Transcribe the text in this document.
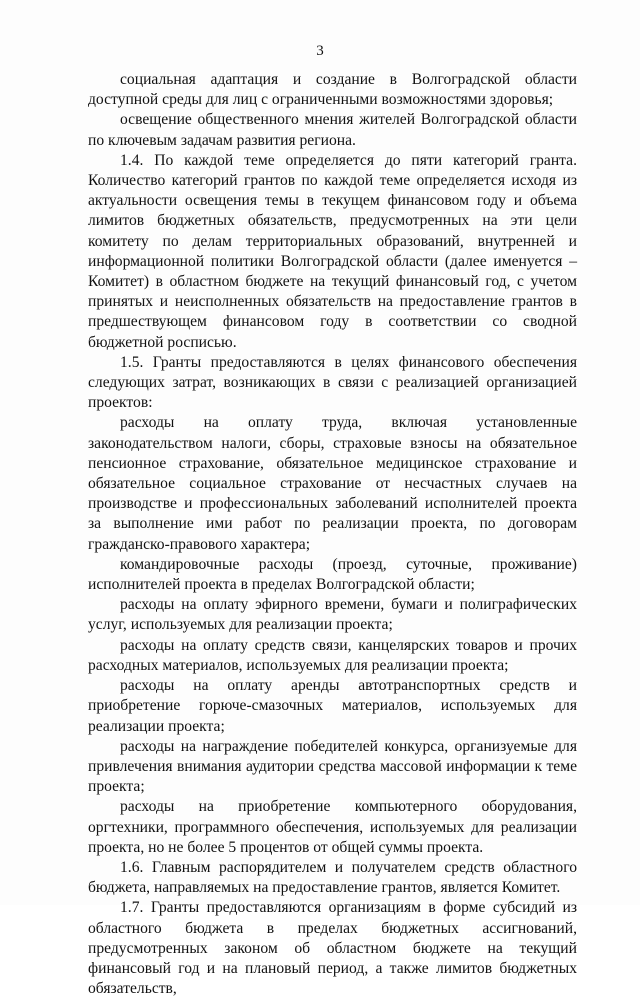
3

социальная адаптация и создание в Волгоградской области доступной среды для лиц с ограниченными возможностями здоровья;

освещение общественного мнения жителей Волгоградской области по ключевым задачам развития региона.

1.4. По каждой теме определяется до пяти категорий гранта. Количество категорий грантов по каждой теме определяется исходя из актуальности освещения темы в текущем финансовом году и объема лимитов бюджетных обязательств, предусмотренных на эти цели комитету по делам территориальных образований, внутренней и информационной политики Волгоградской области (далее именуется – Комитет) в областном бюджете на текущий финансовый год, с учетом принятых и неисполненных обязательств на предоставление грантов в предшествующем финансовом году в соответствии со сводной бюджетной росписью.

1.5. Гранты предоставляются в целях финансового обеспечения следующих затрат, возникающих в связи с реализацией организацией проектов:

расходы на оплату труда, включая установленные законодательством налоги, сборы, страховые взносы на обязательное пенсионное страхование, обязательное медицинское страхование и обязательное социальное страхование от несчастных случаев на производстве и профессиональных заболеваний исполнителей проекта за выполнение ими работ по реализации проекта, по договорам гражданско-правового характера;

командировочные расходы (проезд, суточные, проживание) исполнителей проекта в пределах Волгоградской области;

расходы на оплату эфирного времени, бумаги и полиграфических услуг, используемых для реализации проекта;

расходы на оплату средств связи, канцелярских товаров и прочих расходных материалов, используемых для реализации проекта;

расходы на оплату аренды автотранспортных средств и приобретение горюче-смазочных материалов, используемых для реализации проекта;

расходы на награждение победителей конкурса, организуемые для привлечения внимания аудитории средства массовой информации к теме проекта;

расходы на приобретение компьютерного оборудования, оргтехники, программного обеспечения, используемых для реализации проекта, но не более 5 процентов от общей суммы проекта.

1.6. Главным распорядителем и получателем средств областного бюджета, направляемых на предоставление грантов, является Комитет.

1.7. Гранты предоставляются организациям в форме субсидий из областного бюджета в пределах бюджетных ассигнований, предусмотренных законом об областном бюджете на текущий финансовый год и на плановый период, а также лимитов бюджетных обязательств,
